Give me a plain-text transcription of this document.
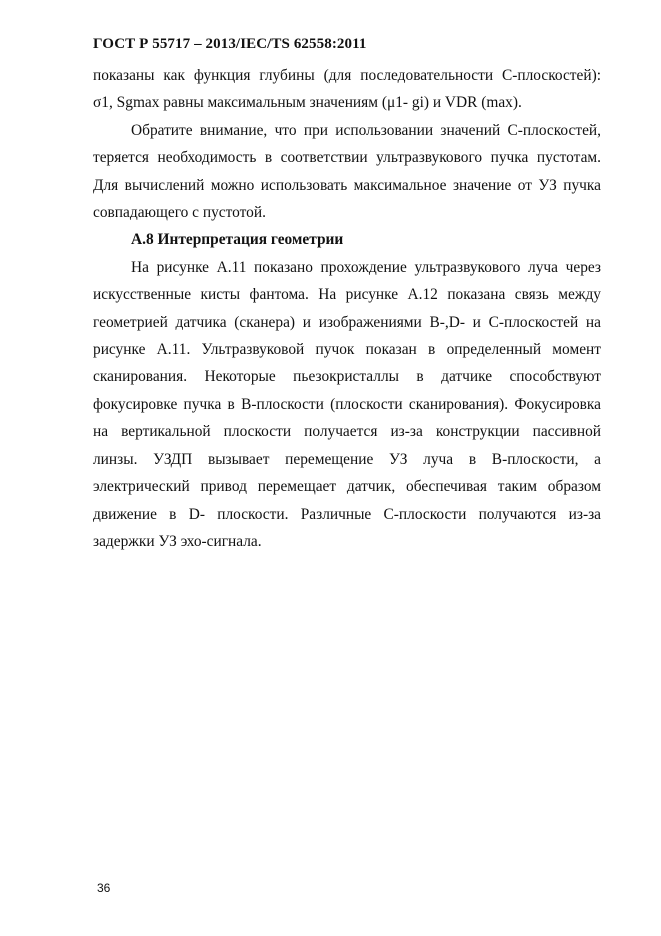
ГОСТ Р 55717 – 2013/IEC/TS 62558:2011
показаны как функция глубины (для последовательности C-плоскостей):
σ1, Sgmax равны максимальным значениям (μ1- gi) и VDR (max).
Обратите внимание, что при использовании значений C-плоскостей,
теряется необходимость в соответствии ультразвукового пучка пустотам.
Для вычислений можно использовать максимальное значение от УЗ пучка
совпадающего с пустотой.
А.8 Интерпретация геометрии
На рисунке А.11 показано прохождение ультразвукового луча через
искусственные кисты фантома. На рисунке А.12 показана связь между
геометрией датчика (сканера) и изображениями B-,D- и C-плоскостей на
рисунке А.11. Ультразвуковой пучок показан в определенный момент
сканирования. Некоторые пьезокристаллы в датчике способствуют
фокусировке пучка в B-плоскости (плоскости сканирования). Фокусировка
на вертикальной плоскости получается из-за конструкции пассивной
линзы. УЗДП вызывает перемещение УЗ луча в B-плоскости, а
электрический привод перемещает датчик, обеспечивая таким образом
движение в D- плоскости. Различные C-плоскости получаются из-за
задержки УЗ эхо-сигнала.
36
